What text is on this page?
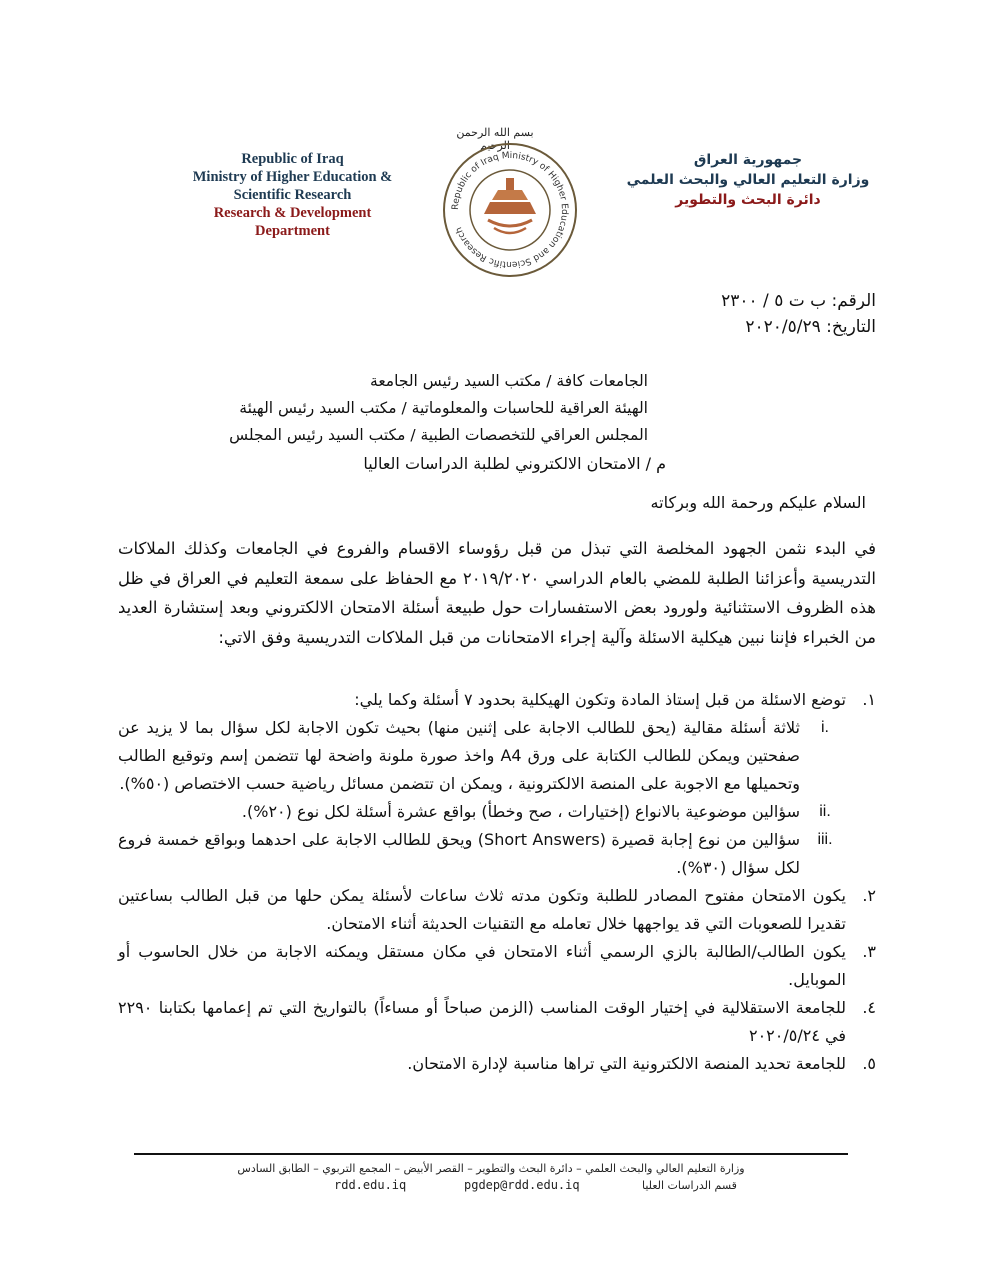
Republic of Iraq
Ministry of Higher Education &
Scientific Research
Research & Development
Department
بسم الله الرحمن الرحيم
Republic of Iraq Ministry of Higher Education and Scientific Research
جمهورية العراق
وزارة التعليم العالي والبحث العلمي
دائرة البحث والتطوير
الرقم: ب ت ٥ / ٢٣٠٠
التاريخ: ٢٠٢٠/٥/٢٩
الجامعات كافة / مكتب السيد رئيس الجامعة
الهيئة العراقية للحاسبات والمعلوماتية / مكتب السيد رئيس الهيئة
المجلس العراقي للتخصصات الطبية / مكتب السيد رئيس المجلس
م / الامتحان الالكتروني لطلبة الدراسات العاليا
السلام عليكم ورحمة الله وبركاته
في البدء نثمن الجهود المخلصة التي تبذل من قبل رؤوساء الاقسام والفروع في الجامعات وكذلك الملاكات التدريسية وأعزائنا الطلبة للمضي بالعام الدراسي ٢٠١٩/٢٠٢٠ مع الحفاظ على سمعة التعليم في العراق في ظل هذه الظروف الاستثنائية ولورود بعض الاستفسارات حول طبيعة أسئلة الامتحان الالكتروني وبعد إستشارة العديد من الخبراء فإننا نبين هيكلية الاسئلة وآلية إجراء الامتحانات من قبل الملاكات التدريسية وفق الاتي:
١.
توضع الاسئلة من قبل إستاذ المادة وتكون الهيكلية بحدود ٧ أسئلة وكما يلي:
i.
ثلاثة أسئلة مقالية (يحق للطالب الاجابة على إثنين منها) بحيث تكون الاجابة لكل سؤال بما لا يزيد عن صفحتين ويمكن للطالب الكتابة على ورق A4 واخذ صورة ملونة واضحة لها تتضمن إسم وتوقيع الطالب وتحميلها مع الاجوبة على المنصة الالكترونية ، ويمكن ان تتضمن مسائل رياضية حسب الاختصاص (٥٠%).
ii.
سؤالين موضوعية بالانواع (إختيارات ، صح وخطأ) بواقع عشرة أسئلة لكل نوع (٢٠%).
iii.
سؤالين من نوع إجابة قصيرة (Short Answers) ويحق للطالب الاجابة على احدهما وبواقع خمسة فروع لكل سؤال (٣٠%).
٢.
يكون الامتحان مفتوح المصادر للطلبة وتكون مدته ثلاث ساعات لأسئلة يمكن حلها من قبل الطالب بساعتين تقديرا للصعوبات التي قد يواجهها خلال تعامله مع التقنيات الحديثة أثناء الامتحان.
٣.
يكون الطالب/الطالبة بالزي الرسمي أثناء الامتحان في مكان مستقل ويمكنه الاجابة من خلال الحاسوب أو الموبايل.
٤.
للجامعة الاستقلالية في إختيار الوقت المناسب (الزمن صباحاً أو مساءاً) بالتواريخ التي تم إعمامها بكتابنا ٢٢٩٠ في ٢٠٢٠/٥/٢٤
٥.
للجامعة تحديد المنصة الالكترونية التي تراها مناسبة لإدارة الامتحان.
وزارة التعليم العالي والبحث العلمي – دائرة البحث والتطوير – القصر الأبيض – المجمع التربوي – الطابق السادس
rdd.edu.iq	pgdep@rdd.edu.iq	قسم الدراسات العليا
